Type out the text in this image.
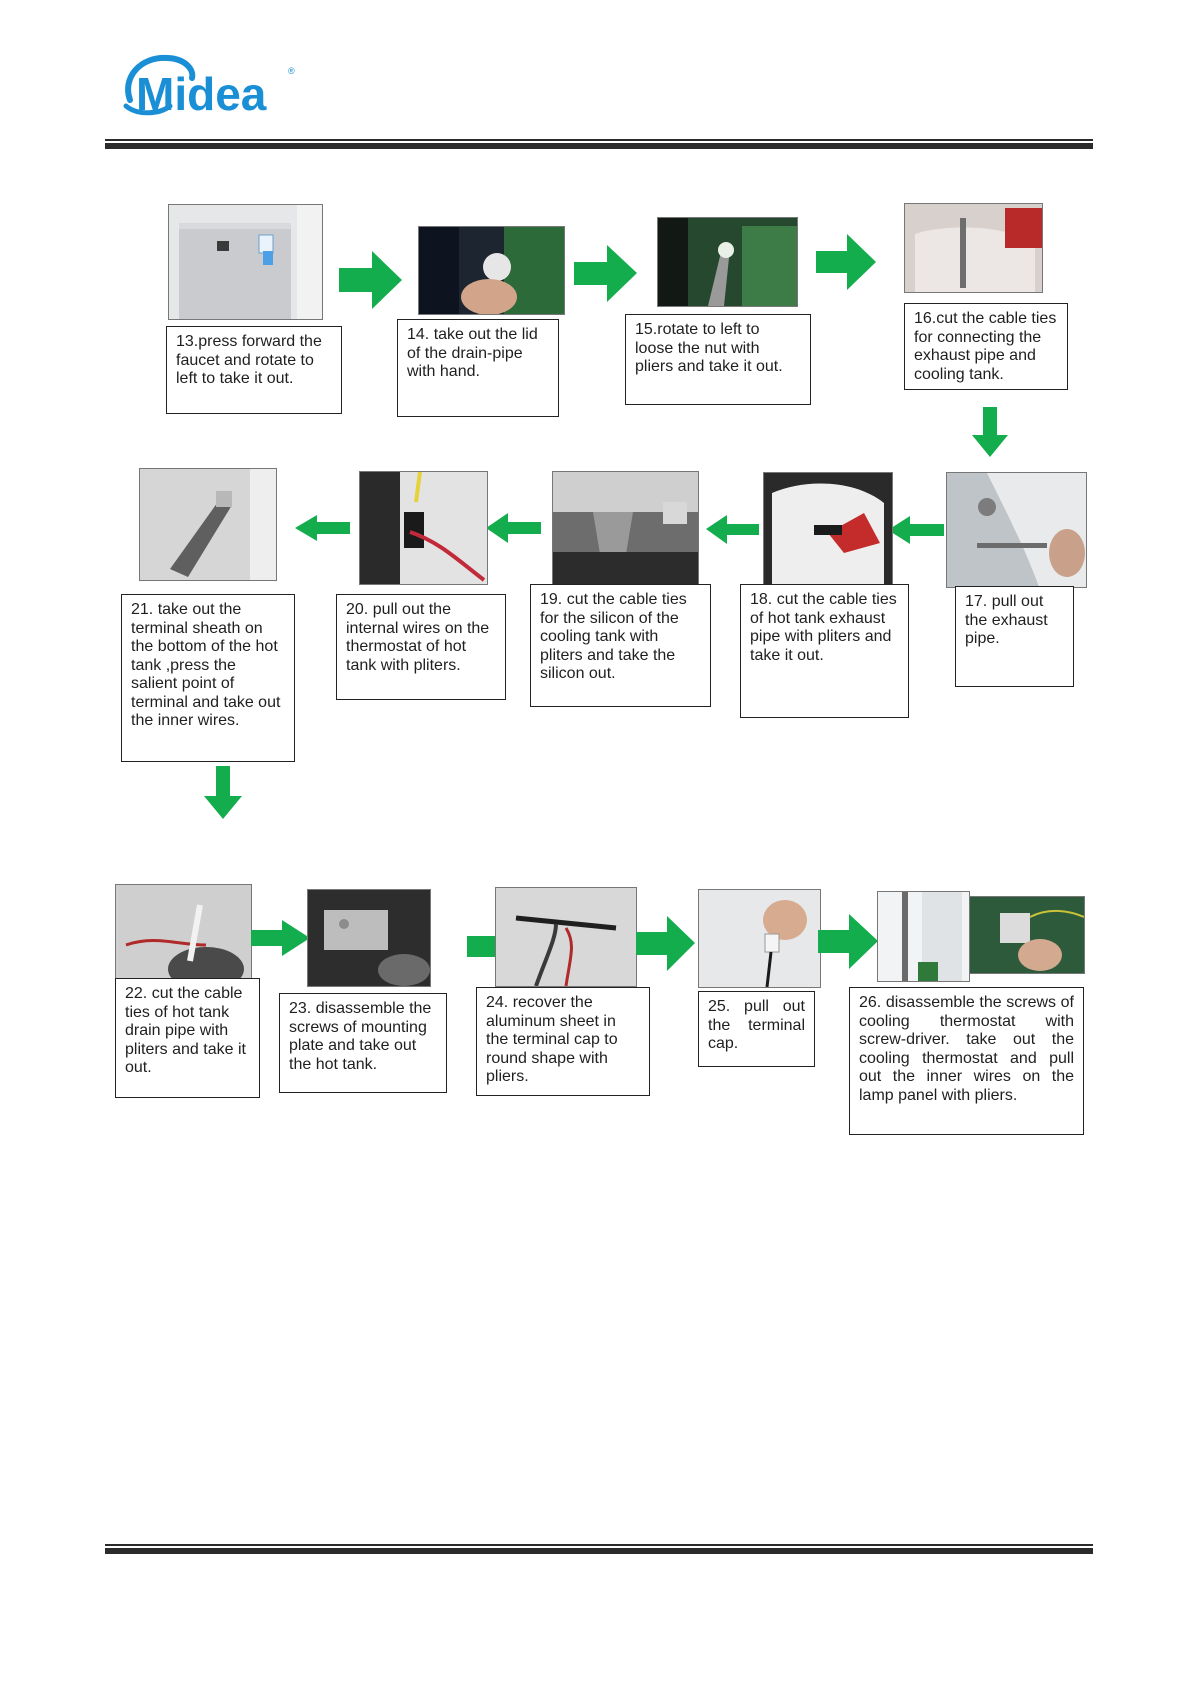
Midea ®
13.press forward the faucet and rotate to left to take it out.
14. take out the lid of the drain-pipe with hand.
15.rotate to left to loose the nut with pliers and take it out.
16.cut the cable ties for connecting the exhaust pipe and cooling tank.
17. pull out the exhaust pipe.
18. cut the cable ties of hot tank exhaust pipe with pliters and take it out.
19. cut the cable ties for the silicon of the cooling tank with pliters and take the silicon out.
20. pull out the internal wires on the thermostat of hot tank with pliters.
21. take out the terminal sheath on the bottom of the hot tank ,press the salient point of terminal and take out the inner wires.
22. cut the cable ties of hot tank drain pipe with pliters and take it out.
23. disassemble the screws of mounting plate and take out the hot tank.
24. recover the aluminum sheet in the terminal cap to round shape with pliers.
25. pull out the terminal cap.
26. disassemble the screws of cooling thermostat with screw-driver. take out the cooling thermostat and pull out the inner wires on the lamp panel with pliers.
